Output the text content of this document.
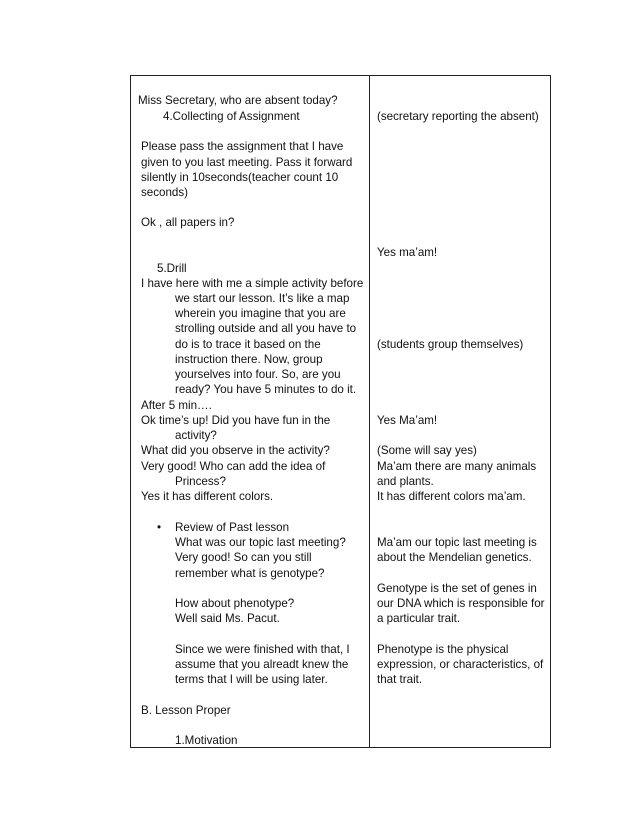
Miss Secretary, who are absent today?
4.Collecting of Assignment
Please pass the assignment that I have
given to you last meeting. Pass it forward
silently in 10seconds(teacher count 10
seconds)
Ok , all papers in?
5.Drill
I have here with me a simple activity before
we start our lesson. It’s like a map
wherein you imagine that you are
strolling outside and all you have to
do is to trace it based on the
instruction there. Now, group
yourselves into four. So, are you
ready? You have 5 minutes to do it.
After 5 min….
Ok time’s up! Did you have fun in the
activity?
What did you observe in the activity?
Very good! Who can add the idea of
Princess?
Yes it has different colors.
• Review of Past lesson
What was our topic last meeting?
Very good! So can you still
remember what is genotype?
How about phenotype?
Well said Ms. Pacut.
Since we were finished with that, I
assume that you alreadt knew the
terms that I will be using later.
B. Lesson Proper
1.Motivation
(secretary reporting the absent)
Yes ma’am!
(students group themselves)
Yes Ma’am!
(Some will say yes)
Ma’am there are many animals
and plants.
It has different colors ma’am.
Ma’am our topic last meeting is
about the Mendelian genetics.
Genotype is the set of genes in
our DNA which is responsible for
a particular trait.
Phenotype is the physical
expression, or characteristics, of
that trait.
